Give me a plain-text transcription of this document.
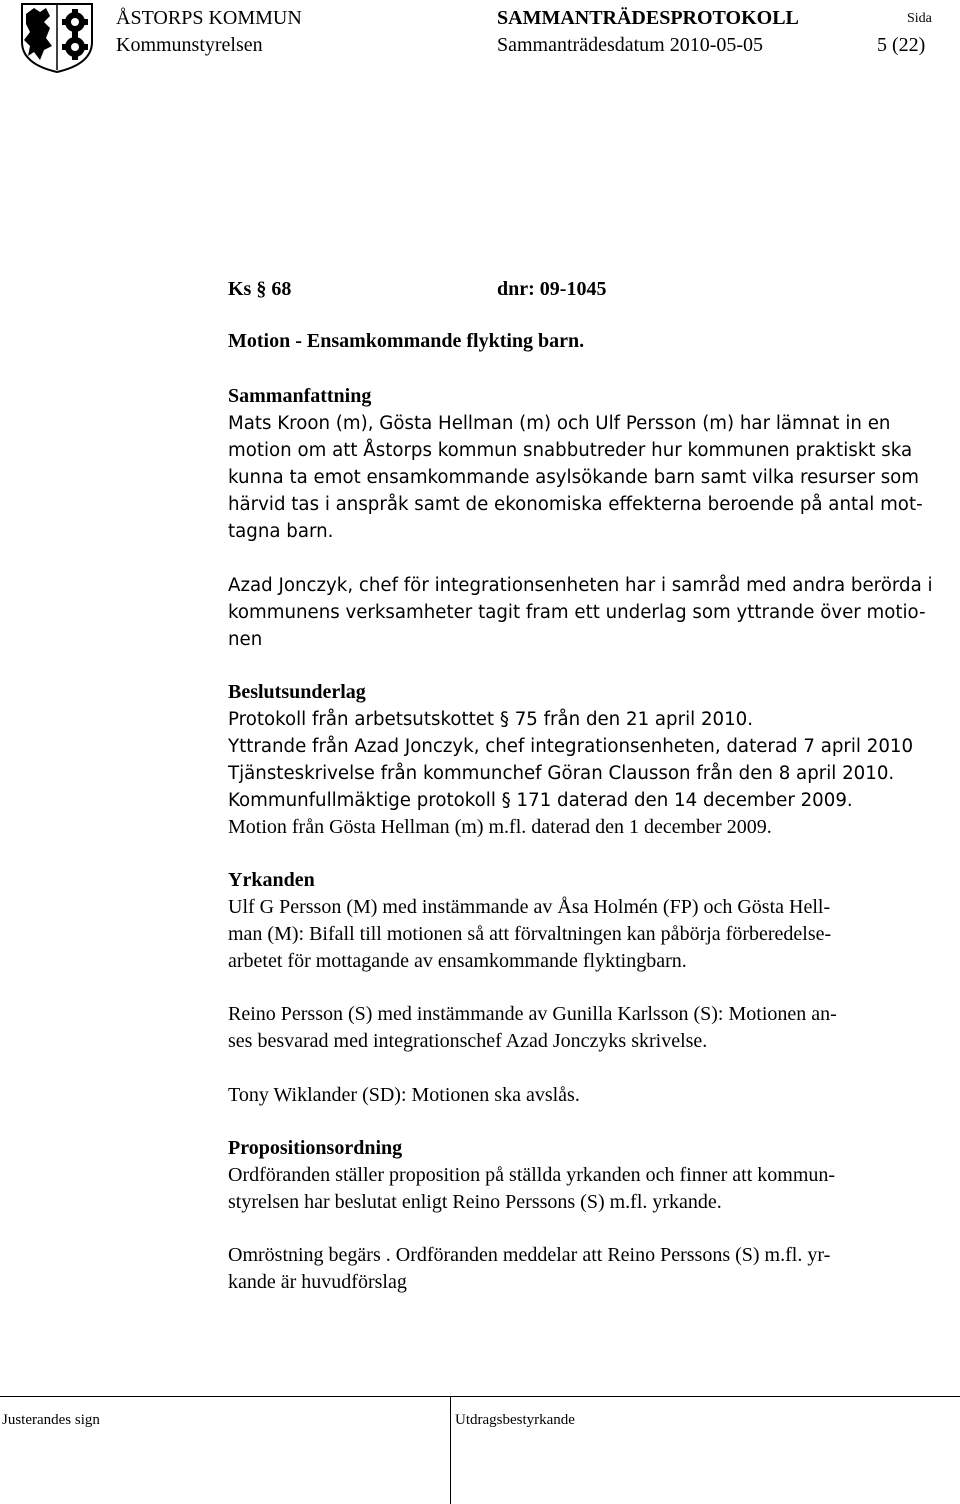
ÅSTORPS KOMMUN
Kommunstyrelsen
SAMMANTRÄDESPROTOKOLL
Sammanträdesdatum 2010-05-05
Sida
5 (22)
Ks § 68	dnr: 09-1045
Motion - Ensamkommande flykting barn.
Sammanfattning
Mats Kroon (m), Gösta Hellman (m) och Ulf Persson (m) har lämnat in en
motion om att Åstorps kommun snabbutreder hur kommunen praktiskt ska
kunna ta emot ensamkommande asylsökande barn samt vilka resurser som
härvid tas i anspråk samt de ekonomiska effekterna beroende på antal mot-
tagna barn.
Azad Jonczyk, chef för integrationsenheten har i samråd med andra berörda i
kommunens verksamheter tagit fram ett underlag som yttrande över motio-
nen
Beslutsunderlag
Protokoll från arbetsutskottet § 75 från den 21 april 2010.
Yttrande från Azad Jonczyk, chef integrationsenheten, daterad 7 april 2010
Tjänsteskrivelse från kommunchef Göran Clausson från den 8 april 2010.
Kommunfullmäktige protokoll § 171 daterad den 14 december 2009.
Motion från Gösta Hellman (m) m.fl. daterad den 1 december 2009.
Yrkanden
Ulf G Persson (M) med instämmande av Åsa Holmén (FP) och Gösta Hell-
man (M): Bifall till motionen så att förvaltningen kan påbörja förberedelse-
arbetet för mottagande av ensamkommande flyktingbarn.
Reino Persson (S) med instämmande av Gunilla Karlsson (S): Motionen an-
ses besvarad med integrationschef Azad Jonczyks skrivelse.
Tony Wiklander (SD): Motionen ska avslås.
Propositionsordning
Ordföranden ställer proposition på ställda yrkanden och finner att kommun-
styrelsen har beslutat enligt Reino Perssons (S) m.fl. yrkande.
Omröstning begärs . Ordföranden meddelar att Reino Perssons (S) m.fl. yr-
kande är huvudförslag
Justerandes sign	Utdragsbestyrkande
